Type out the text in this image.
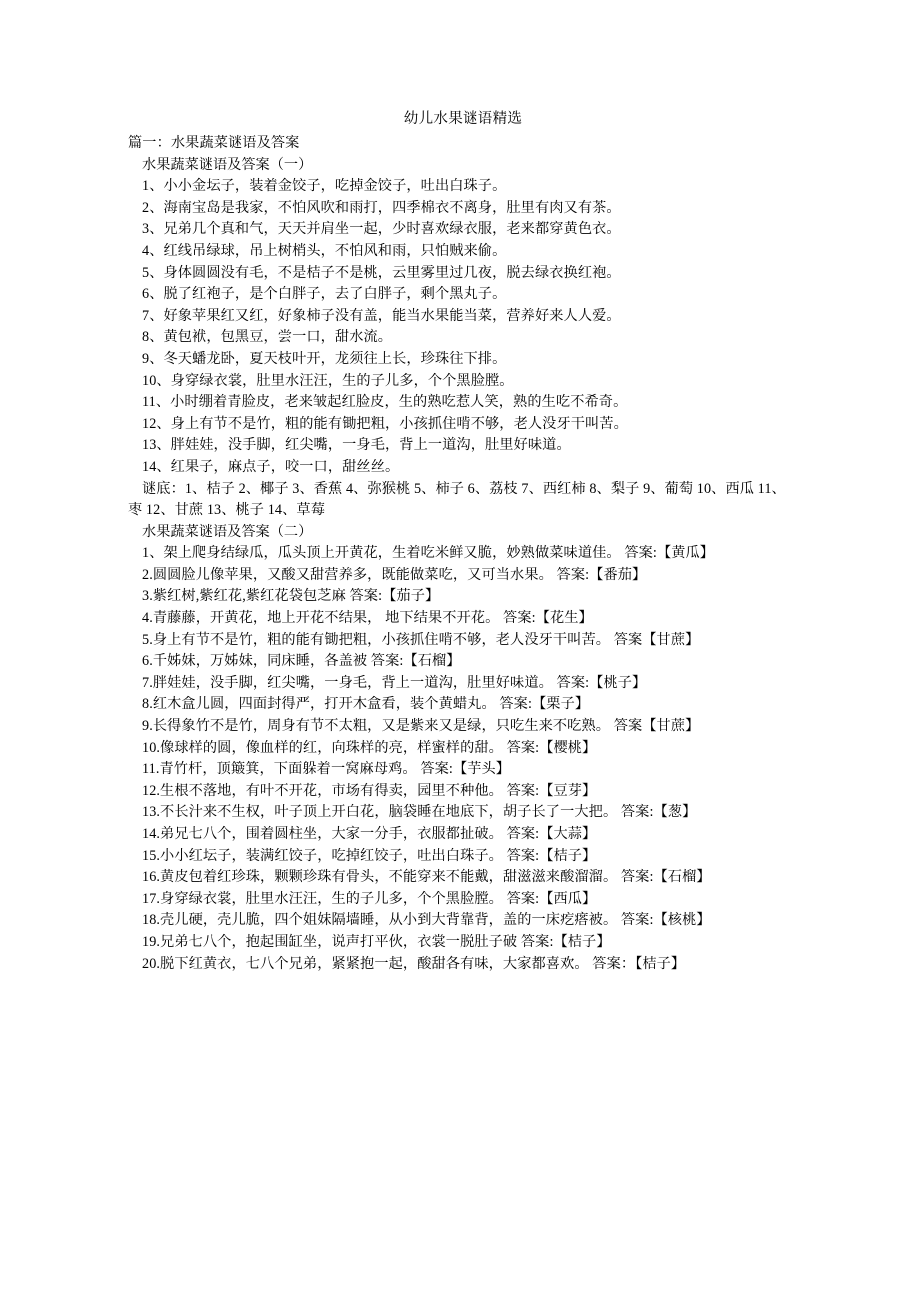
幼儿水果谜语精选
篇一：水果蔬菜谜语及答案
水果蔬菜谜语及答案（一）
1、小小金坛子，装着金饺子，吃掉金饺子，吐出白珠子。
2、海南宝岛是我家，不怕风吹和雨打，四季棉衣不离身，肚里有肉又有茶。
3、兄弟几个真和气，天天并肩坐一起，少时喜欢绿衣服，老来都穿黄色衣。
4、红线吊绿球，吊上树梢头，不怕风和雨，只怕贼来偷。
5、身体圆圆没有毛，不是桔子不是桃，云里雾里过几夜，脱去绿衣换红袍。
6、脱了红袍子，是个白胖子，去了白胖子，剩个黑丸子。
7、好象苹果红又红，好象柿子没有盖，能当水果能当菜，营养好来人人爱。
8、黄包袱，包黑豆，尝一口，甜水流。
9、冬天蟠龙卧，夏天枝叶开，龙须往上长，珍珠往下排。
10、身穿绿衣裳，肚里水汪汪，生的子儿多，个个黑脸膛。
11、小时绷着青脸皮，老来皱起红脸皮，生的熟吃惹人笑，熟的生吃不希奇。
12、身上有节不是竹，粗的能有锄把粗，小孩抓住啃不够，老人没牙干叫苦。
13、胖娃娃，没手脚，红尖嘴，一身毛，背上一道沟，肚里好味道。
14、红果子，麻点子，咬一口，甜丝丝。
谜底：1、桔子 2、椰子 3、香蕉 4、弥猴桃 5、柿子 6、荔枝 7、西红柿 8、梨子 9、葡萄 10、西瓜 11、枣 12、甘蔗 13、桃子 14、草莓
水果蔬菜谜语及答案（二）
1、架上爬身结绿瓜，瓜头顶上开黄花，生着吃米鲜又脆，妙熟做菜味道佳。 答案:【黄瓜】
2.圆圆脸儿像苹果，又酸又甜营养多，既能做菜吃，又可当水果。 答案:【番茄】
3.紫红树,紫红花,紫红花袋包芝麻 答案:【茄子】
4.青藤藤，开黄花，地上开花不结果， 地下结果不开花。 答案:【花生】
5.身上有节不是竹，粗的能有锄把粗，小孩抓住啃不够，老人没牙干叫苦。 答案【甘蔗】
6.千姊妹，万姊妹，同床睡，各盖被 答案:【石榴】
7.胖娃娃，没手脚，红尖嘴，一身毛，背上一道沟，肚里好味道。 答案:【桃子】
8.红木盒儿圆，四面封得严，打开木盒看，装个黄蜡丸。 答案:【栗子】
9.长得象竹不是竹，周身有节不太粗，又是紫来又是绿，只吃生来不吃熟。 答案【甘蔗】
10.像球样的圆，像血样的红，向珠样的亮，样蜜样的甜。 答案:【樱桃】
11.青竹杆，顶簸箕，下面躲着一窝麻母鸡。 答案:【芋头】
12.生根不落地，有叶不开花，市场有得卖，园里不种他。 答案:【豆芽】
13.不长汁来不生权，叶子顶上开白花，脑袋睡在地底下，胡子长了一大把。 答案:【葱】
14.弟兄七八个，围着圆柱坐，大家一分手，衣服都扯破。 答案:【大蒜】
15.小小红坛子，装满红饺子，吃掉红饺子，吐出白珠子。 答案:【桔子】
16.黄皮包着红珍珠，颗颗珍珠有骨头，不能穿来不能戴，甜滋滋来酸溜溜。 答案:【石榴】
17.身穿绿衣裳，肚里水汪汪，生的子儿多，个个黑脸膛。 答案:【西瓜】
18.壳儿硬，壳儿脆，四个姐妹隔墙睡，从小到大背靠背，盖的一床疙瘩被。 答案:【核桃】
19.兄弟七八个，抱起围缸坐，说声打平伙，衣裳一脱肚子破 答案:【桔子】
20.脱下红黄衣，七八个兄弟，紧紧抱一起，酸甜各有味，大家都喜欢。 答案：【桔子】
